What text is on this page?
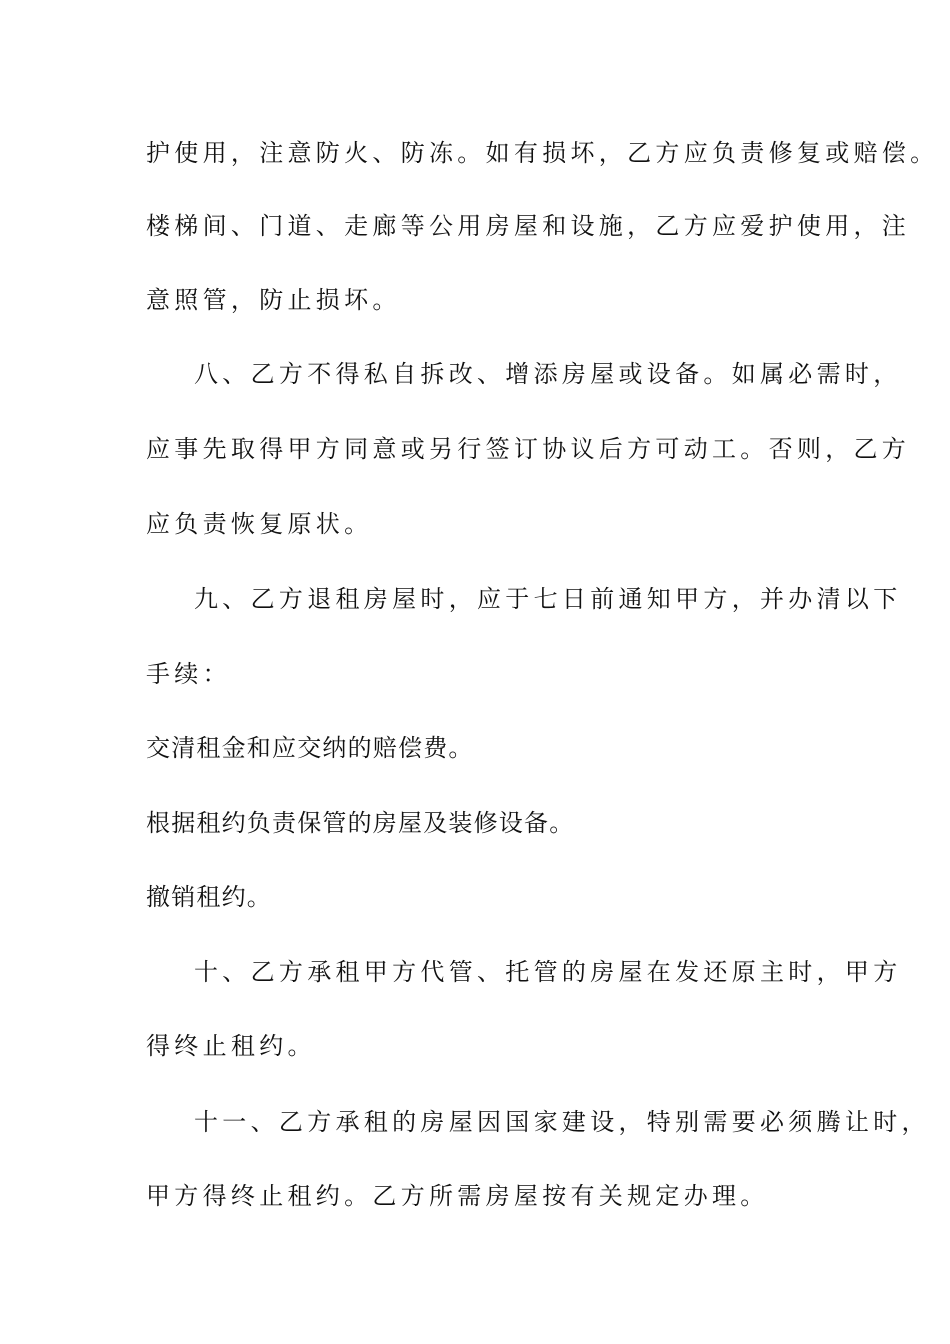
护使用，注意防火、防冻。如有损坏，乙方应负责修复或赔偿。
楼梯间、门道、走廊等公用房屋和设施，乙方应爱护使用，注
意照管，防止损坏。
八、乙方不得私自拆改、增添房屋或设备。如属必需时，
应事先取得甲方同意或另行签订协议后方可动工。否则，乙方
应负责恢复原状。
九、乙方退租房屋时，应于七日前通知甲方，并办清以下
手续：
交清租金和应交纳的赔偿费。
根据租约负责保管的房屋及装修设备。
撤销租约。
十、乙方承租甲方代管、托管的房屋在发还原主时，甲方
得终止租约。
十一、乙方承租的房屋因国家建设，特别需要必须腾让时，
甲方得终止租约。乙方所需房屋按有关规定办理。
